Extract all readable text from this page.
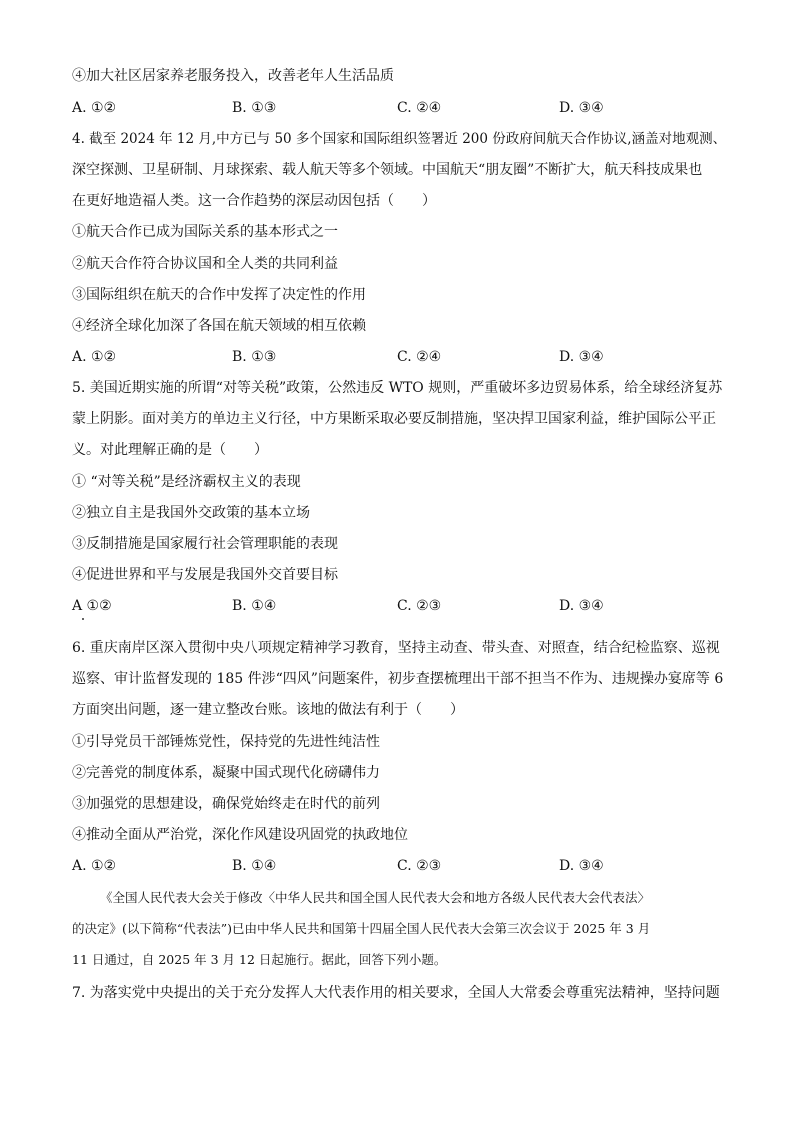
④加大社区居家养老服务投入，改善老年人生活品质
A. ①②	B. ①③	C. ②④	D. ③④
4. 截至 2024 年 12 月,中方已与 50 多个国家和国际组织签署近 200 份政府间航天合作协议,涵盖对地观测、
深空探测、卫星研制、月球探索、载人航天等多个领域。中国航天“朋友圈”不断扩大，航天科技成果也
在更好地造福人类。这一合作趋势的深层动因包括（　　）
①航天合作已成为国际关系的基本形式之一
②航天合作符合协议国和全人类的共同利益
③国际组织在航天的合作中发挥了决定性的作用
④经济全球化加深了各国在航天领域的相互依赖
A. ①②	B. ①③	C. ②④	D. ③④
5. 美国近期实施的所谓“对等关税”政策，公然违反 WTO 规则，严重破坏多边贸易体系，给全球经济复苏
蒙上阴影。面对美方的单边主义行径，中方果断采取必要反制措施，坚决捍卫国家利益，维护国际公平正
义。对此理解正确的是（　　）
① “对等关税”是经济霸权主义的表现
②独立自主是我国外交政策的基本立场
③反制措施是国家履行社会管理职能的表现
④促进世界和平与发展是我国外交首要目标
A ①②	B. ①④	C. ②③	D. ③④
6. 重庆南岸区深入贯彻中央八项规定精神学习教育，坚持主动查、带头查、对照查，结合纪检监察、巡视
巡察、审计监督发现的 185 件涉“四风”问题案件，初步查摆梳理出干部不担当不作为、违规操办宴席等 6
方面突出问题，逐一建立整改台账。该地的做法有利于（　　）
①引导党员干部锤炼党性，保持党的先进性纯洁性
②完善党的制度体系，凝聚中国式现代化磅礴伟力
③加强党的思想建设，确保党始终走在时代的前列
④推动全面从严治党，深化作风建设巩固党的执政地位
A. ①②	B. ①④	C. ②③	D. ③④
《全国人民代表大会关于修改〈中华人民共和国全国人民代表大会和地方各级人民代表大会代表法〉
的决定》(以下简称“代表法”)已由中华人民共和国第十四届全国人民代表大会第三次会议于 2025 年 3 月
11 日通过，自 2025 年 3 月 12 日起施行。据此，回答下列小题。
7. 为落实党中央提出的关于充分发挥人大代表作用的相关要求，全国人大常委会尊重宪法精神，坚持问题
